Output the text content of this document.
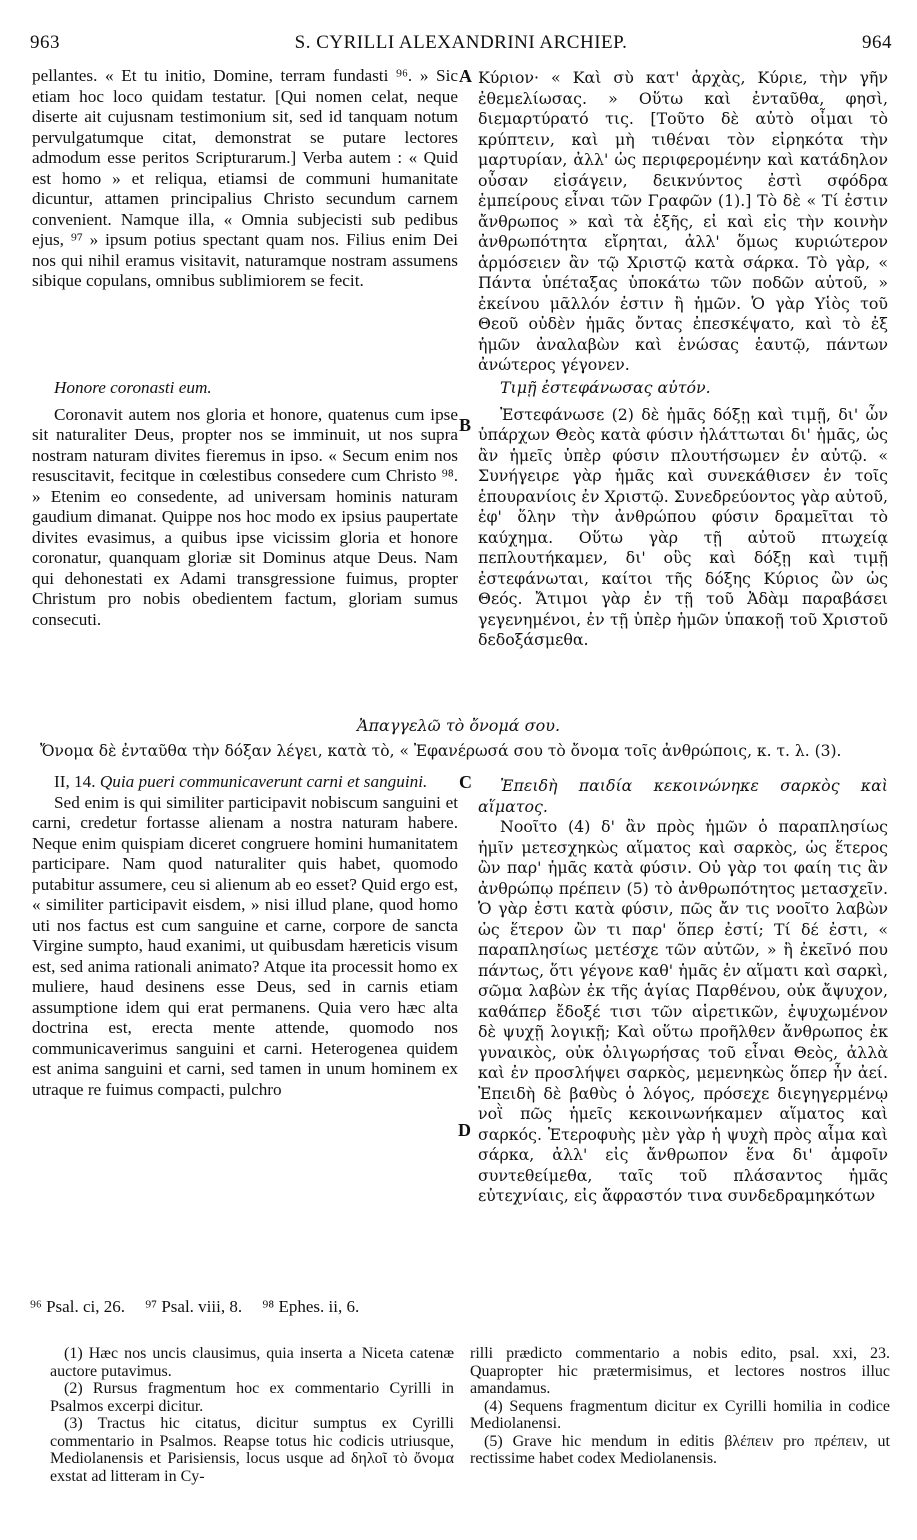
S. CYRILLI ALEXANDRINI ARCHIEP.
963	964

pellantes. « Et tu initio, Domine, terram fundasti ⁹⁶. » Sic etiam hoc loco quidam testatur. [Qui nomen celat, neque diserte ait cujusnam testimonium sit, sed id tanquam notum pervulgatumque citat, demonstrat se putare lectores admodum esse peritos Scripturarum.] Verba autem : « Quid est homo » et reliqua, etiamsi de communi humanitate dicuntur, attamen principalius Christo secundum carnem convenient. Namque illa, « Omnia subjecisti sub pedibus ejus, ⁹⁷ » ipsum potius spectant quam nos. Filius enim Dei nos qui nihil eramus visitavit, naturamque nostram assumens sibique copulans, omnibus sublimiorem se fecit.

A Κύριον· « Καὶ σὺ κατ' ἀρχὰς, Κύριε, τὴν γῆν ἐθεμελίωσας. » Οὕτω καὶ ἐνταῦθα, φησὶ, διεμαρτύρατό τις. [Τοῦτο δὲ αὐτὸ οἶμαι τὸ κρύπτειν, καὶ μὴ τιθέναι τὸν εἰρηκότα τὴν μαρτυρίαν, ἀλλ' ὡς περιφερομένην καὶ κατάδηλον οὖσαν εἰσάγειν, δεικνύντος ἐστὶ σφόδρα ἐμπείρους εἶναι τῶν Γραφῶν (1).] Τὸ δὲ « Τί ἐστιν ἄνθρωπος » καὶ τὰ ἑξῆς, εἰ καὶ εἰς τὴν κοινὴν ἀνθρωπότητα εἴρηται, ἀλλ' ὅμως κυριώτερον ἁρμόσειεν ἂν τῷ Χριστῷ κατὰ σάρκα. Τὸ γὰρ, « Πάντα ὑπέταξας ὑποκάτω τῶν ποδῶν αὐτοῦ, » ἐκείνου μᾶλλόν ἐστιν ἢ ἡμῶν. Ὁ γὰρ Υἱὸς τοῦ Θεοῦ οὐδὲν ἡμᾶς ὄντας ἐπεσκέψατο, καὶ τὸ ἐξ ἡμῶν ἀναλαβὼν καὶ ἑνώσας ἑαυτῷ, πάντων ἀνώτερος γέγονεν.

Honore coronasti eum.

Coronavit autem nos gloria et honore, quatenus cum ipse sit naturaliter Deus, propter nos se imminuit, ut nos supra nostram naturam divites fieremus in ipso. « Secum enim nos resuscitavit, fecitque in cœlestibus consedere cum Christo ⁹⁸. » Etenim eo consedente, ad universam hominis naturam gaudium dimanat. Quippe nos hoc modo ex ipsius paupertate divites evasimus, a quibus ipse vicissim gloria et honore coronatur, quanquam gloriæ sit Dominus atque Deus. Nam qui dehonestati ex Adami transgressione fuimus, propter Christum pro nobis obedientem factum, gloriam sumus consecuti.

B

Τιμῇ ἐστεφάνωσας αὐτόν.

Ἐστεφάνωσε (2) δὲ ἡμᾶς δόξῃ καὶ τιμῇ, δι' ὧν ὑπάρχων Θεὸς κατὰ φύσιν ἠλάττωται δι' ἡμᾶς, ὡς ἂν ἡμεῖς ὑπὲρ φύσιν πλουτήσωμεν ἐν αὐτῷ. « Συνήγειρε γὰρ ἡμᾶς καὶ συνεκάθισεν ἐν τοῖς ἐπουρανίοις ἐν Χριστῷ. Συνεδρεύοντος γὰρ αὐτοῦ, ἐφ' ὅλην τὴν ἀνθρώπου φύσιν δραμεῖται τὸ καύχημα. Οὕτω γὰρ τῇ αὐτοῦ πτωχείᾳ πεπλουτήκαμεν, δι' οὓς καὶ δόξῃ καὶ τιμῇ ἐστεφάνωται, καίτοι τῆς δόξης Κύριος ὢν ὡς Θεός. Ἄτιμοι γὰρ ἐν τῇ τοῦ Ἀδὰμ παραβάσει γεγενημένοι, ἐν τῇ ὑπὲρ ἡμῶν ὑπακοῇ τοῦ Χριστοῦ δεδοξάσμεθα.

Ἀπαγγελῶ τὸ ὄνομά σου.
Ὄνομα δὲ ἐνταῦθα τὴν δόξαν λέγει, κατὰ τὸ, « Ἐφανέρωσά σου τὸ ὄνομα τοῖς ἀνθρώποις, κ. τ. λ. (3).

II, 14. Quia pueri communicaverunt carni et sanguini.

Sed enim is qui similiter participavit nobiscum sanguini et carni, credetur fortasse alienam a nostra naturam habere. Neque enim quispiam diceret congruere homini humanitatem participare. Nam quod naturaliter quis habet, quomodo putabitur assumere, ceu si alienum ab eo esset? Quid ergo est, « similiter participavit eisdem, » nisi illud plane, quod homo uti nos factus est cum sanguine et carne, corpore de sancta Virgine sumpto, haud exanimi, ut quibusdam hæreticis visum est, sed anima rationali animato? Atque ita processit homo ex muliere, haud desinens esse Deus, sed in carnis etiam assumptione idem qui erat permanens. Quia vero hæc alta doctrina est, erecta mente attende, quomodo nos communicaverimus sanguini et carni. Heterogenea quidem est anima sanguini et carni, sed tamen in unum hominem ex utraque re fuimus compacti, pulchro

C
D

Ἐπειδὴ παιδία κεκοινώνηκε σαρκὸς καὶ αἵματος.

Νοοῖτο (4) δ' ἂν πρὸς ἡμῶν ὁ παραπλησίως ἡμῖν μετεσχηκὼς αἵματος καὶ σαρκὸς, ὡς ἕτερος ὢν παρ' ἡμᾶς κατὰ φύσιν. Οὐ γὰρ τοι φαίη τις ἂν ἀνθρώπῳ πρέπειν (5) τὸ ἀνθρωπότητος μετασχεῖν. Ὁ γὰρ ἐστι κατὰ φύσιν, πῶς ἄν τις νοοῖτο λαβὼν ὡς ἕτερον ὢν τι παρ' ὅπερ ἐστί; Τί δέ ἐστι, « παραπλησίως μετέσχε τῶν αὐτῶν, » ἢ ἐκεῖνό που πάντως, ὅτι γέγονε καθ' ἡμᾶς ἐν αἵματι καὶ σαρκὶ, σῶμα λαβὼν ἐκ τῆς ἁγίας Παρθένου, οὐκ ἄψυχον, καθάπερ ἔδοξέ τισι τῶν αἱρετικῶν, ἐψυχωμένον δὲ ψυχῇ λογικῇ; Καὶ οὕτω προῆλθεν ἄνθρωπος ἐκ γυναικὸς, οὐκ ὀλιγωρήσας τοῦ εἶναι Θεὸς, ἀλλὰ καὶ ἐν προσλήψει σαρκὸς, μεμενηκὼς ὅπερ ἦν ἀεί. Ἐπειδὴ δὲ βαθὺς ὁ λόγος, πρόσεχε διεγηγερμένῳ νοῒ πῶς ἡμεῖς κεκοινωνήκαμεν αἵματος καὶ σαρκός. Ἑτεροφυὴς μὲν γὰρ ἡ ψυχὴ πρὸς αἷμα καὶ σάρκα, ἀλλ' εἰς ἄνθρωπον ἕνα δι' ἀμφοῖν συντεθείμεθα, ταῖς τοῦ πλάσαντος ἡμᾶς εὐτεχνίαις, εἰς ἄφραστόν τινα συνδεδραμηκότων

⁹⁶ Psal. ci, 26. ⁹⁷ Psal. viii, 8. ⁹⁸ Ephes. ii, 6.

(1) Hæc nos uncis clausimus, quia inserta a Niceta catenæ auctore putavimus.

(2) Rursus fragmentum hoc ex commentario Cyrilli in Psalmos excerpi dicitur.

(3) Tractus hic citatus, dicitur sumptus ex Cyrilli commentario in Psalmos. Reapse totus hic codicis utriusque, Mediolanensis et Parisiensis, locus usque ad δηλοῖ τὸ ὄνομα exstat ad litteram in Cy-

rilli prædicto commentario a nobis edito, psal. xxi, 23. Quapropter hic prætermisimus, et lectores nostros illuc amandamus.

(4) Sequens fragmentum dicitur ex Cyrilli homilia in codice Mediolanensi.

(5) Grave hic mendum in editis βλέπειν pro πρέπειν, ut rectissime habet codex Mediolanensis.
